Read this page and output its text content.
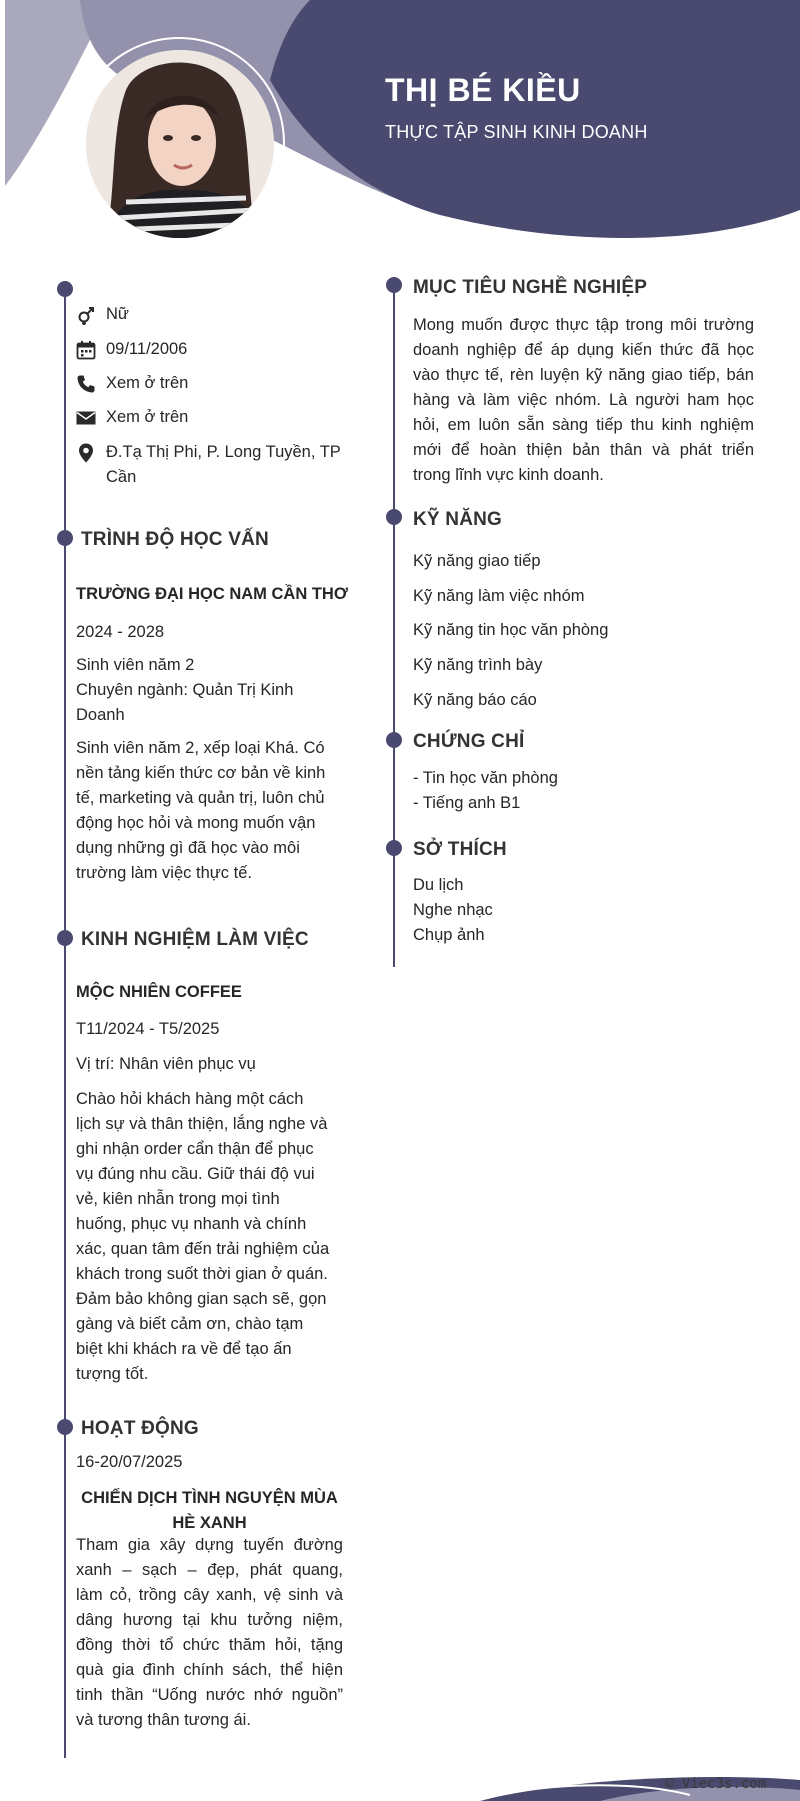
THỊ BÉ KIỀU
THỰC TẬP SINH KINH DOANH
Nữ
09/11/2006
Xem ở trên
Xem ở trên
Đ.Tạ Thị Phi, P. Long Tuyền, TP
Cần
TRÌNH ĐỘ HỌC VẤN
TRƯỜNG ĐẠI HỌC NAM CẦN THƠ
2024 - 2028
Sinh viên năm 2
Chuyên ngành: Quản Trị Kinh
Doanh
Sinh viên năm 2, xếp loại Khá. Có
nền tảng kiến thức cơ bản về kinh
tế, marketing và quản trị, luôn chủ
động học hỏi và mong muốn vận
dụng những gì đã học vào môi
trường làm việc thực tế.
KINH NGHIỆM LÀM VIỆC
MỘC NHIÊN COFFEE
T11/2024 - T5/2025
Vị trí: Nhân viên phục vụ
Chào hỏi khách hàng một cách
lịch sự và thân thiện, lắng nghe và
ghi nhận order cẩn thận để phục
vụ đúng nhu cầu. Giữ thái độ vui
vẻ, kiên nhẫn trong mọi tình
huống, phục vụ nhanh và chính
xác, quan tâm đến trải nghiệm của
khách trong suốt thời gian ở quán.
Đảm bảo không gian sạch sẽ, gọn
gàng và biết cảm ơn, chào tạm
biệt khi khách ra về để tạo ấn
tượng tốt.
HOẠT ĐỘNG
16-20/07/2025
CHIẾN DỊCH TÌNH NGUYỆN MÙA
HÈ XANH
Tham gia xây dựng tuyến đường
xanh – sạch – đẹp, phát quang,
làm cỏ, trồng cây xanh, vệ sinh và
dâng hương tại khu tưởng niệm,
đồng thời tổ chức thăm hỏi, tặng
quà gia đình chính sách, thể hiện
tinh thần “Uống nước nhớ nguồn”
và tương thân tương ái.
MỤC TIÊU NGHỀ NGHIỆP
Mong muốn được thực tập trong môi trường
doanh nghiệp để áp dụng kiến thức đã học
vào thực tế, rèn luyện kỹ năng giao tiếp, bán
hàng và làm việc nhóm. Là người ham học
hỏi, em luôn sẵn sàng tiếp thu kinh nghiệm
mới để hoàn thiện bản thân và phát triển
trong lĩnh vực kinh doanh.
KỸ NĂNG
Kỹ năng giao tiếp
Kỹ năng làm việc nhóm
Kỹ năng tin học văn phòng
Kỹ năng trình bày
Kỹ năng báo cáo
CHỨNG CHỈ
- Tin học văn phòng
- Tiếng anh B1
SỞ THÍCH
Du lịch
Nghe nhạc
Chụp ảnh
© Viec3s.com
